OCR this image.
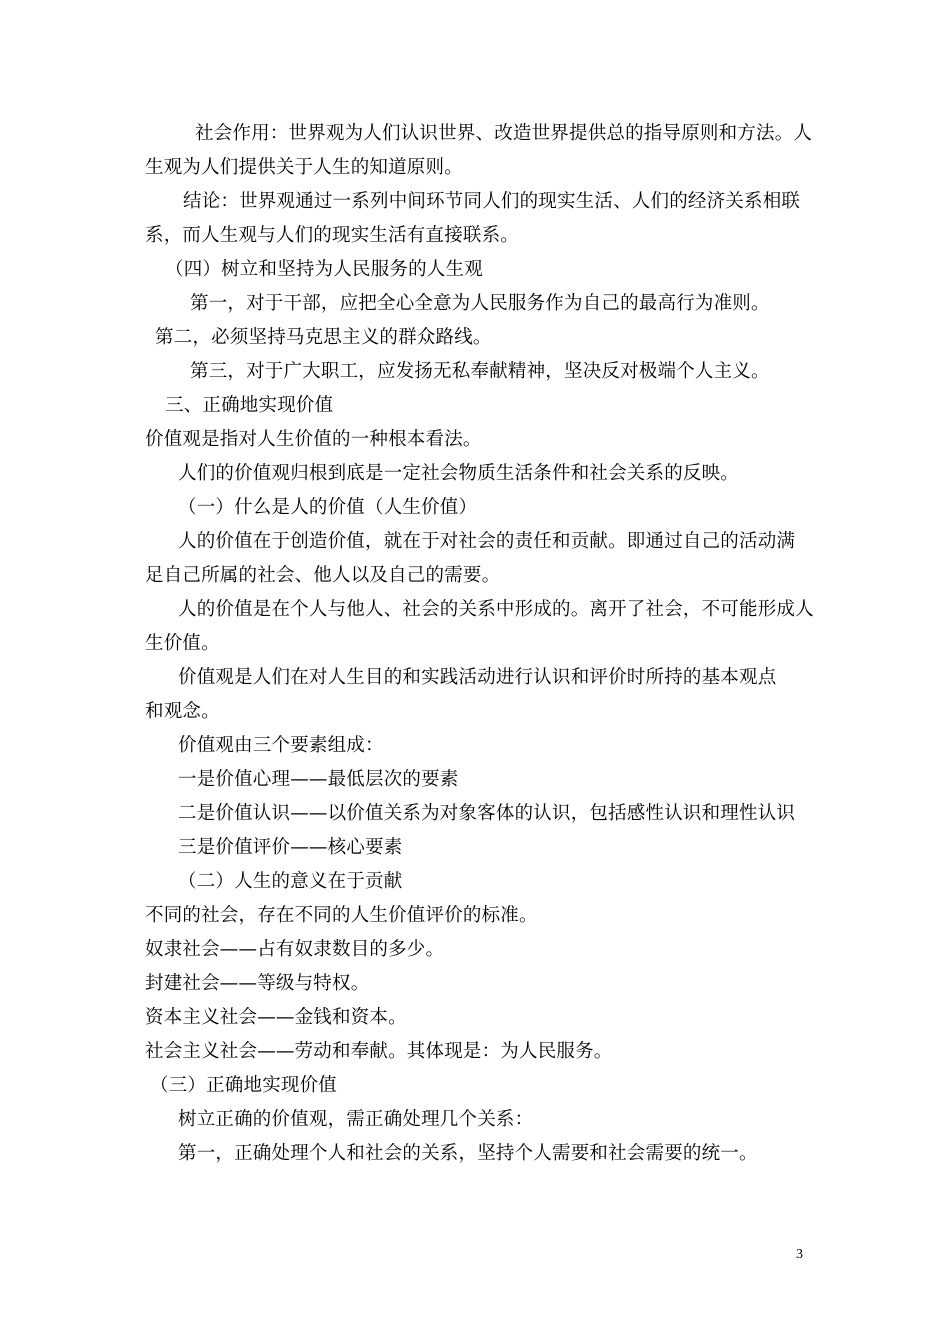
社会作用：世界观为人们认识世界、改造世界提供总的指导原则和方法。人
生观为人们提供关于人生的知道原则。
结论：世界观通过一系列中间环节同人们的现实生活、人们的经济关系相联
系，而人生观与人们的现实生活有直接联系。
（四）树立和坚持为人民服务的人生观
第一，对于干部，应把全心全意为人民服务作为自己的最高行为准则。
第二，必须坚持马克思主义的群众路线。
第三，对于广大职工，应发扬无私奉献精神，坚决反对极端个人主义。
三、正确地实现价值
价值观是指对人生价值的一种根本看法。
人们的价值观归根到底是一定社会物质生活条件和社会关系的反映。
（一）什么是人的价值（人生价值）
人的价值在于创造价值，就在于对社会的责任和贡献。即通过自己的活动满
足自己所属的社会、他人以及自己的需要。
人的价值是在个人与他人、社会的关系中形成的。离开了社会，不可能形成人
生价值。
价值观是人们在对人生目的和实践活动进行认识和评价时所持的基本观点
和观念。
价值观由三个要素组成：
一是价值心理——最低层次的要素
二是价值认识——以价值关系为对象客体的认识，包括感性认识和理性认识
三是价值评价——核心要素
（二）人生的意义在于贡献
不同的社会，存在不同的人生价值评价的标准。
奴隶社会——占有奴隶数目的多少。
封建社会——等级与特权。
资本主义社会——金钱和资本。
社会主义社会——劳动和奉献。其体现是：为人民服务。
（三）正确地实现价值
树立正确的价值观，需正确处理几个关系：
第一，正确处理个人和社会的关系，坚持个人需要和社会需要的统一。
3
